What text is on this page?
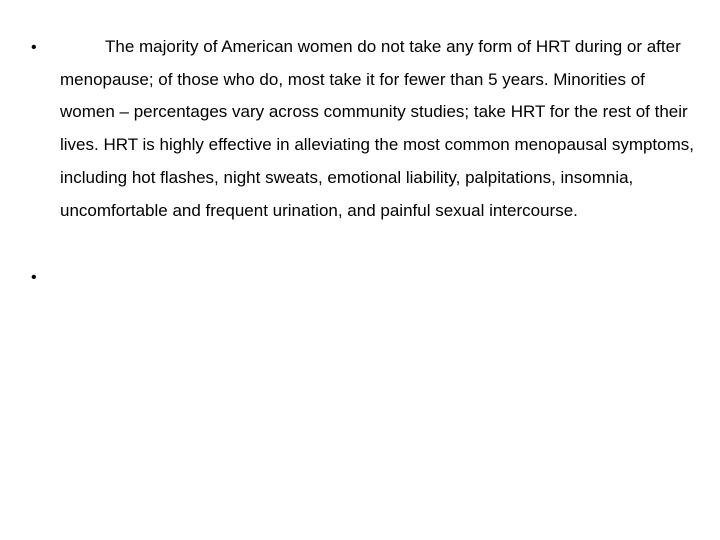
•	The majority of American women do not take any form of HRT during or after menopause; of those who do, most take it for fewer than 5 years. Minorities of women – percentages vary across community studies; take HRT for the rest of their lives. HRT is highly effective in alleviating the most common menopausal symptoms, including hot flashes, night sweats, emotional liability, palpitations, insomnia, uncomfortable and frequent urination, and painful sexual intercourse.
•
